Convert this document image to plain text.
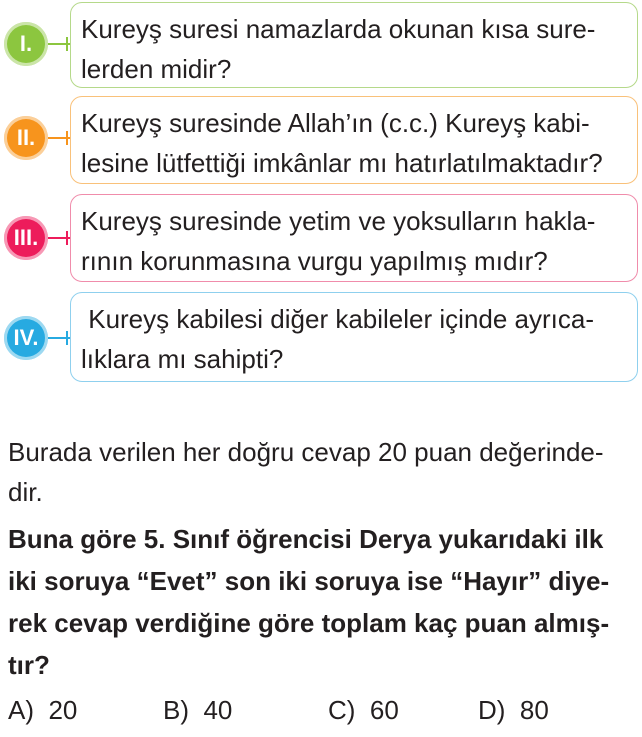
I.	Kureyş suresi namazlarda okunan kısa sure-
lerden midir?
II.	Kureyş suresinde Allah’ın (c.c.) Kureyş kabi-
lesine lütfettiği imkânlar mı hatırlatılmaktadır?
III.
Kureyş suresinde yetim ve yoksulların hakla-
rının korunmasına vurgu yapılmış mıdır?
IV.
Kureyş kabilesi diğer kabileler içinde ayrıca-
lıklara mı sahipti?
Burada verilen her doğru cevap 20 puan değerinde-
dir.
Buna göre 5. Sınıf öğrencisi Derya yukarıdaki ilk
iki soruya “Evet” son iki soruya ise “Hayır” diye-
rek cevap verdiğine göre toplam kaç puan almış-
tır?
A) 20	B) 40	C) 60	D) 80
